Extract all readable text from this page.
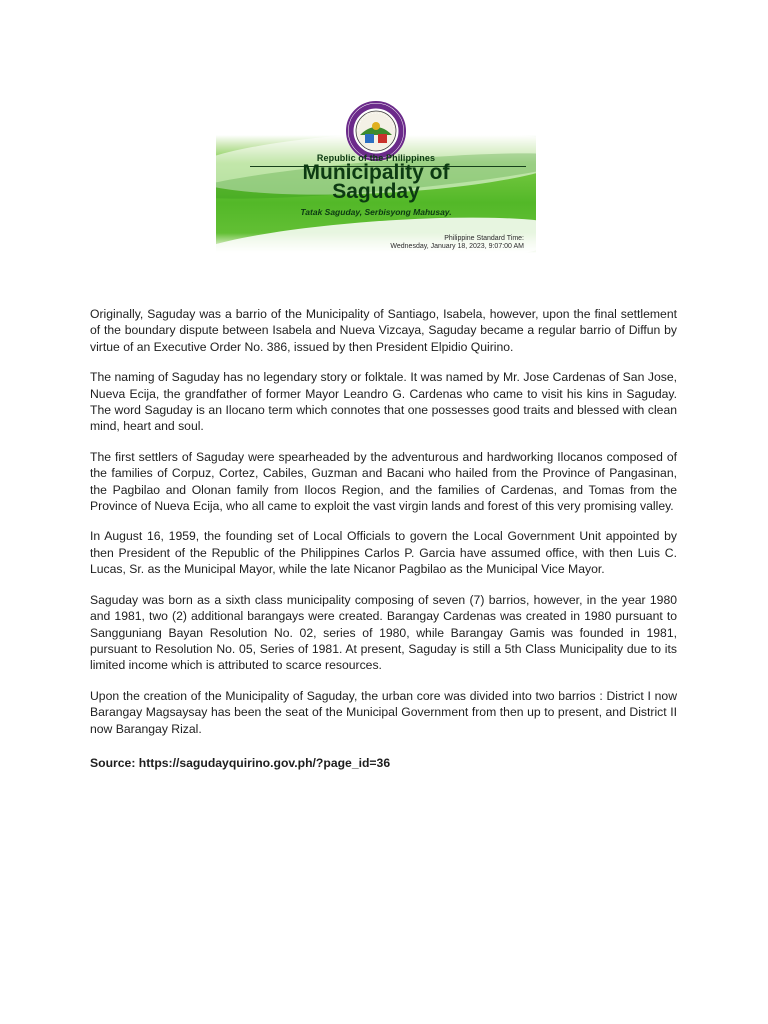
Republic of the Philippines
Municipality of
Saguday
Tatak Saguday, Serbisyong Mahusay.
Philippine Standard Time:
Wednesday, January 18, 2023, 9:07:00 AM

Originally, Saguday was a barrio of the Municipality of Santiago, Isabela, however, upon the final settlement of the boundary dispute between Isabela and Nueva Vizcaya, Saguday became a regular barrio of Diffun by virtue of an Executive Order No. 386, issued by then President Elpidio Quirino.

The naming of Saguday has no legendary story or folktale. It was named by Mr. Jose Cardenas of San Jose, Nueva Ecija, the grandfather of former Mayor Leandro G. Cardenas who came to visit his kins in Saguday. The word Saguday is an Ilocano term which connotes that one possesses good traits and blessed with clean mind, heart and soul.

The first settlers of Saguday were spearheaded by the adventurous and hardworking Ilocanos composed of the families of Corpuz, Cortez, Cabiles, Guzman and Bacani who hailed from the Province of Pangasinan, the Pagbilao and Olonan family from Ilocos Region, and the families of Cardenas, and Tomas from the Province of Nueva Ecija, who all came to exploit the vast virgin lands and forest of this very promising valley.

In August 16, 1959, the founding set of Local Officials to govern the Local Government Unit appointed by then President of the Republic of the Philippines Carlos P. Garcia have assumed office, with then Luis C. Lucas, Sr. as the Municipal Mayor, while the late Nicanor Pagbilao as the Municipal Vice Mayor.

Saguday was born as a sixth class municipality composing of seven (7) barrios, however, in the year 1980 and 1981, two (2) additional barangays were created. Barangay Cardenas was created in 1980 pursuant to Sangguniang Bayan Resolution No. 02, series of 1980, while Barangay Gamis was founded in 1981, pursuant to Resolution No. 05, Series of 1981. At present, Saguday is still a 5th Class Municipality due to its limited income which is attributed to scarce resources.

Upon the creation of the Municipality of Saguday, the urban core was divided into two barrios : District I now Barangay Magsaysay has been the seat of the Municipal Government from then up to present, and District II now Barangay Rizal.

Source: https://sagudayquirino.gov.ph/?page_id=36
